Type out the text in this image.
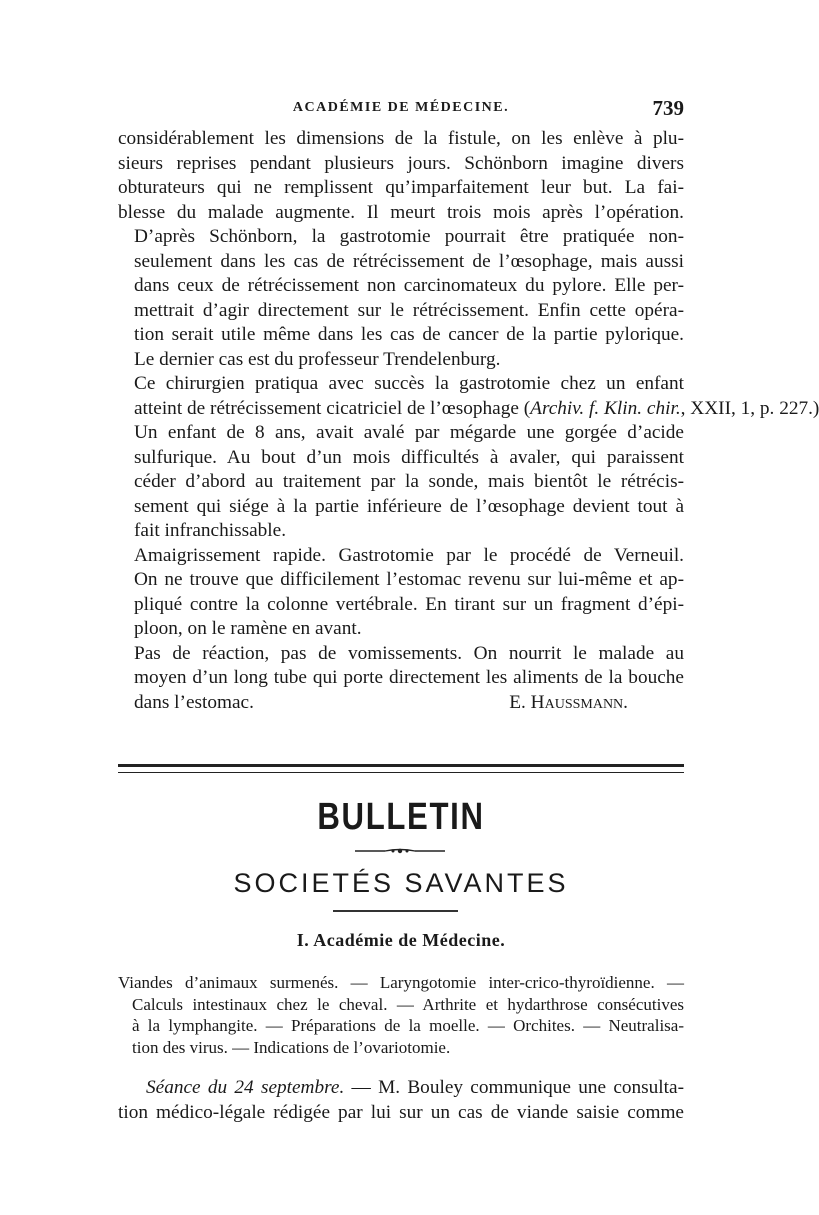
ACADÉMIE DE MÉDECINE.	739

considérablement les dimensions de la fistule, on les enlève à plu-
sieurs reprises pendant plusieurs jours. Schönborn imagine divers
obturateurs qui ne remplissent qu’imparfaitement leur but. La fai-
blesse du malade augmente. Il meurt trois mois après l’opération.

D’après Schönborn, la gastrotomie pourrait être pratiquée non-
seulement dans les cas de rétrécissement de l’œsophage, mais aussi
dans ceux de rétrécissement non carcinomateux du pylore. Elle per-
mettrait d’agir directement sur le rétrécissement. Enfin cette opéra-
tion serait utile même dans les cas de cancer de la partie pylorique.

Le dernier cas est du professeur Trendelenburg.

Ce chirurgien pratiqua avec succès la gastrotomie chez un enfant
atteint de rétrécissement cicatriciel de l’œsophage (Archiv. f. Klin. chir., XXII, 1, p. 227.)

Un enfant de 8 ans, avait avalé par mégarde une gorgée d’acide
sulfurique. Au bout d’un mois difficultés à avaler, qui paraissent
céder d’abord au traitement par la sonde, mais bientôt le rétrécis-
sement qui siége à la partie inférieure de l’œsophage devient tout à
fait infranchissable.

Amaigrissement rapide. Gastrotomie par le procédé de Verneuil.
On ne trouve que difficilement l’estomac revenu sur lui-même et ap-
pliqué contre la colonne vertébrale. En tirant sur un fragment d’épi-
ploon, on le ramène en avant.

Pas de réaction, pas de vomissements. On nourrit le malade au
moyen d’un long tube qui porte directement les aliments de la bouche
dans l’estomac.	E. Haussmann.

BULLETIN
SOCIETÉS SAVANTES
I. Académie de Médecine.

Viandes d’animaux surmenés. — Laryngotomie inter-crico-thyroïdienne. —
Calculs intestinaux chez le cheval. — Arthrite et hydarthrose consécutives
à la lymphangite. — Préparations de la moelle. — Orchites. — Neutralisa-
tion des virus. — Indications de l’ovariotomie.

Séance du 24 septembre. — M. Bouley communique une consulta-
tion médico-légale rédigée par lui sur un cas de viande saisie comme
